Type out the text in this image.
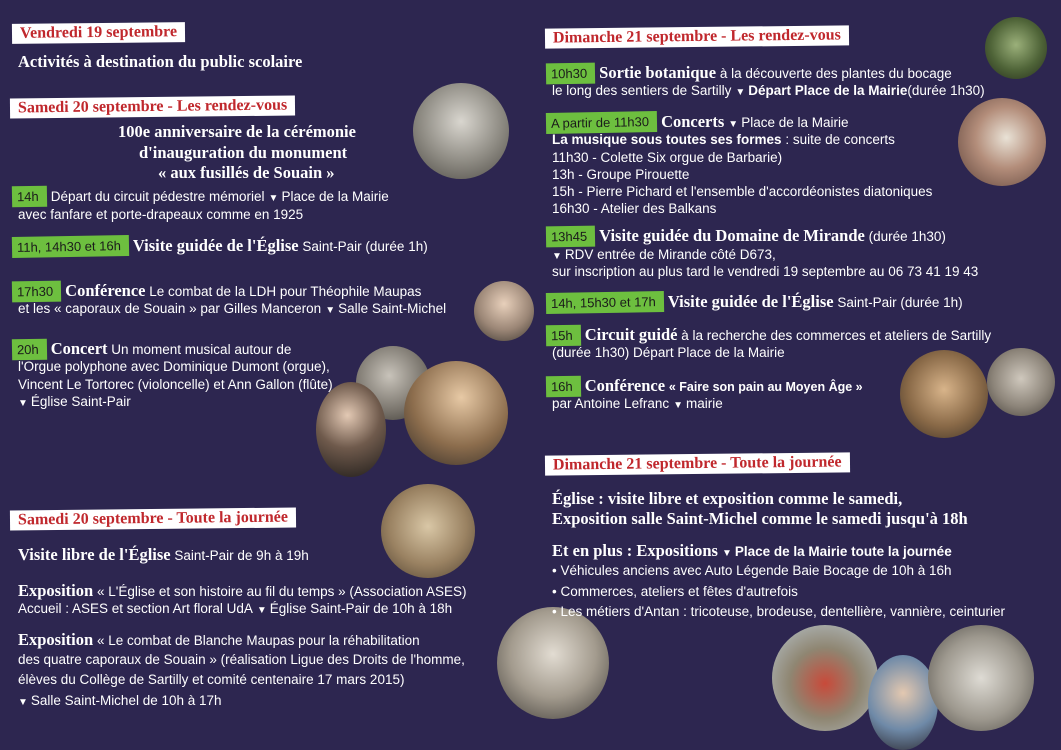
Vendredi 19 septembre
Activités à destination du public scolaire
Samedi 20 septembre - Les rendez-vous
100e anniversaire de la cérémonie
d'inauguration du monument
« aux fusillés de Souain »
14h Départ du circuit pédestre mémoriel ▼ Place de la Mairie
avec fanfare et porte-drapeaux comme en 1925
11h, 14h30 et 16h Visite guidée de l'Église Saint-Pair (durée 1h)
17h30 Conférence Le combat de la LDH pour Théophile Maupas
et les « caporaux de Souain » par Gilles Manceron ▼ Salle Saint-Michel
20h Concert Un moment musical autour de
l'Orgue polyphone avec Dominique Dumont (orgue),
Vincent Le Tortorec (violoncelle) et Ann Gallon (flûte)
▼ Église Saint-Pair
Samedi 20 septembre - Toute la journée
Visite libre de l'Église Saint-Pair de 9h à 19h
Exposition « L'Église et son histoire au fil du temps » (Association ASES)
Accueil : ASES et section Art floral UdA ▼ Église Saint-Pair de 10h à 18h
Exposition « Le combat de Blanche Maupas pour la réhabilitation
des quatre caporaux de Souain » (réalisation Ligue des Droits de l'homme,
élèves du Collège de Sartilly et comité centenaire 17 mars 2015)
▼ Salle Saint-Michel de 10h à 17h
Dimanche 21 septembre - Les rendez-vous
10h30 Sortie botanique à la découverte des plantes du bocage
le long des sentiers de Sartilly ▼ Départ Place de la Mairie(durée 1h30)
A partir de 11h30 Concerts ▼ Place de la Mairie
La musique sous toutes ses formes : suite de concerts
11h30 - Colette Six orgue de Barbarie)
13h - Groupe Pirouette
15h - Pierre Pichard et l'ensemble d'accordéonistes diatoniques
16h30 - Atelier des Balkans
13h45 Visite guidée du Domaine de Mirande (durée 1h30)
▼ RDV entrée de Mirande côté D673,
sur inscription au plus tard le vendredi 19 septembre au 06 73 41 19 43
14h, 15h30 et 17h Visite guidée de l'Église Saint-Pair (durée 1h)
15h Circuit guidé à la recherche des commerces et ateliers de Sartilly
(durée 1h30) Départ Place de la Mairie
16h Conférence « Faire son pain au Moyen Âge »
par Antoine Lefranc ▼ mairie
Dimanche 21 septembre - Toute la journée
Église : visite libre et exposition comme le samedi,
Exposition salle Saint-Michel comme le samedi jusqu'à 18h
Et en plus : Expositions ▼ Place de la Mairie toute la journée
• Véhicules anciens avec Auto Légende Baie Bocage de 10h à 16h
• Commerces, ateliers et fêtes d'autrefois
• Les métiers d'Antan : tricoteuse, brodeuse, dentellière, vannière, ceinturier
